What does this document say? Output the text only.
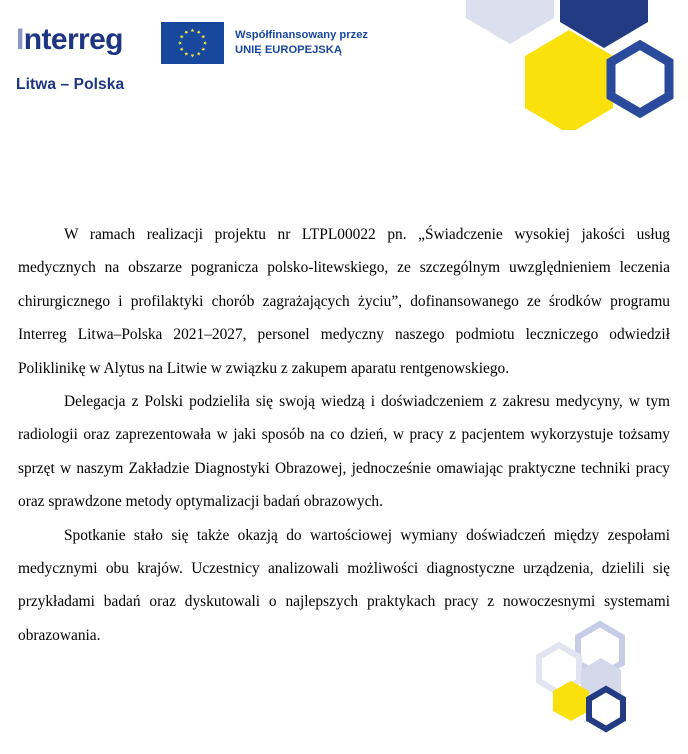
Interreg
Litwa – Polska
Współfinansowany przez
UNIĘ EUROPEJSKĄ

W ramach realizacji projektu nr LTPL00022 pn. „Świadczenie wysokiej jakości usług medycznych na obszarze pogranicza polsko-litewskiego, ze szczególnym uwzględnieniem leczenia chirurgicznego i profilaktyki chorób zagrażających życiu”, dofinansowanego ze środków programu Interreg Litwa–Polska 2021–2027, personel medyczny naszego podmiotu leczniczego odwiedził Poliklinikę w Alytus na Litwie w związku z zakupem aparatu rentgenowskiego.

Delegacja z Polski podzieliła się swoją wiedzą i doświadczeniem z zakresu medycyny, w tym radiologii oraz zaprezentowała w jaki sposób na co dzień, w pracy z pacjentem wykorzystuje tożsamy sprzęt w naszym Zakładzie Diagnostyki Obrazowej, jednocześnie omawiając praktyczne techniki pracy oraz sprawdzone metody optymalizacji badań obrazowych.

Spotkanie stało się także okazją do wartościowej wymiany doświadczeń między zespołami medycznymi obu krajów. Uczestnicy analizowali możliwości diagnostyczne urządzenia, dzielili się przykładami badań oraz dyskutowali o najlepszych praktykach pracy z nowoczesnymi systemami obrazowania.
